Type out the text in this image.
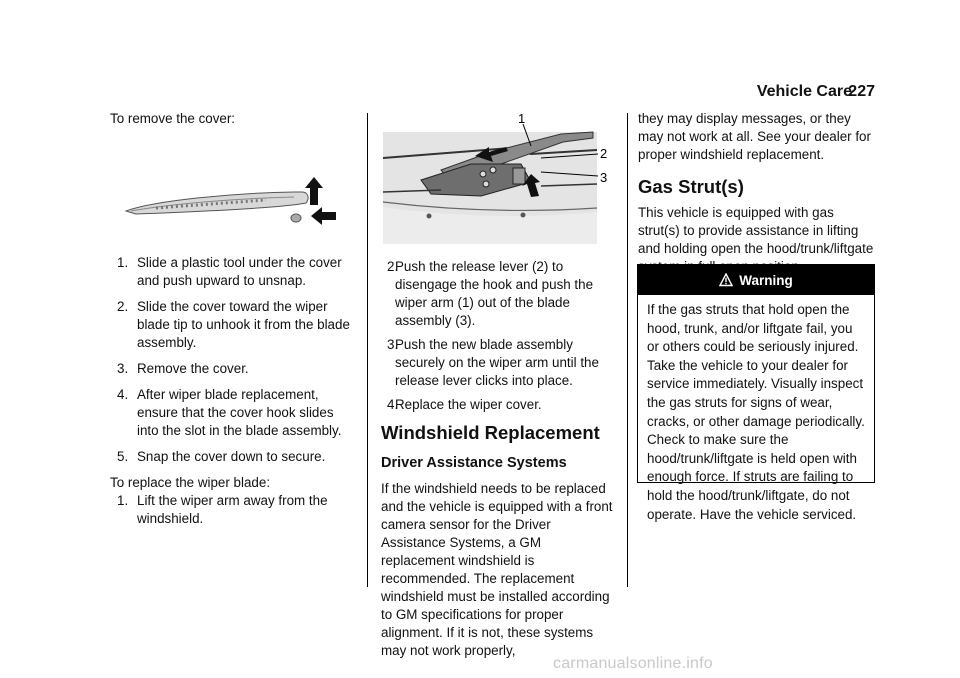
Vehicle Care
227

To remove the cover:

1. Slide a plastic tool under the cover and push upward to unsnap.
2. Slide the cover toward the wiper blade tip to unhook it from the blade assembly.
3. Remove the cover.
4. After wiper blade replacement, ensure that the cover hook slides into the slot in the blade assembly.
5. Snap the cover down to secure.

To replace the wiper blade:

1. Lift the wiper arm away from the windshield.
1
2
3
2.
Push the release lever (2) to disengage the hook and push the wiper arm (1) out of the blade assembly (3).
3.
Push the new blade assembly securely on the wiper arm until the release lever clicks into place.
4.
Replace the wiper cover.
Windshield Replacement
Driver Assistance Systems

If the windshield needs to be replaced and the vehicle is equipped with a front camera sensor for the Driver Assistance Systems, a GM replacement windshield is recommended. The replacement windshield must be installed according to GM specifications for proper alignment. If it is not, these systems may not work properly,

they may display messages, or they may not work at all. See your dealer for proper windshield replacement.

Gas Strut(s)

This vehicle is equipped with gas strut(s) to provide assistance in lifting and holding open the hood/trunk/liftgate

Warning
If the gas struts that hold open the hood, trunk, and/or liftgate fail, you or others could be seriously injured. Take the vehicle to your dealer for service immediately. Visually inspect the gas struts for signs of wear, cracks, or other damage periodically. Check to make sure the hood/trunk/liftgate is held open with enough force. If struts are failing to hold the hood/trunk/liftgate, do not operate. Have the vehicle serviced.
carmanualsonline.info
